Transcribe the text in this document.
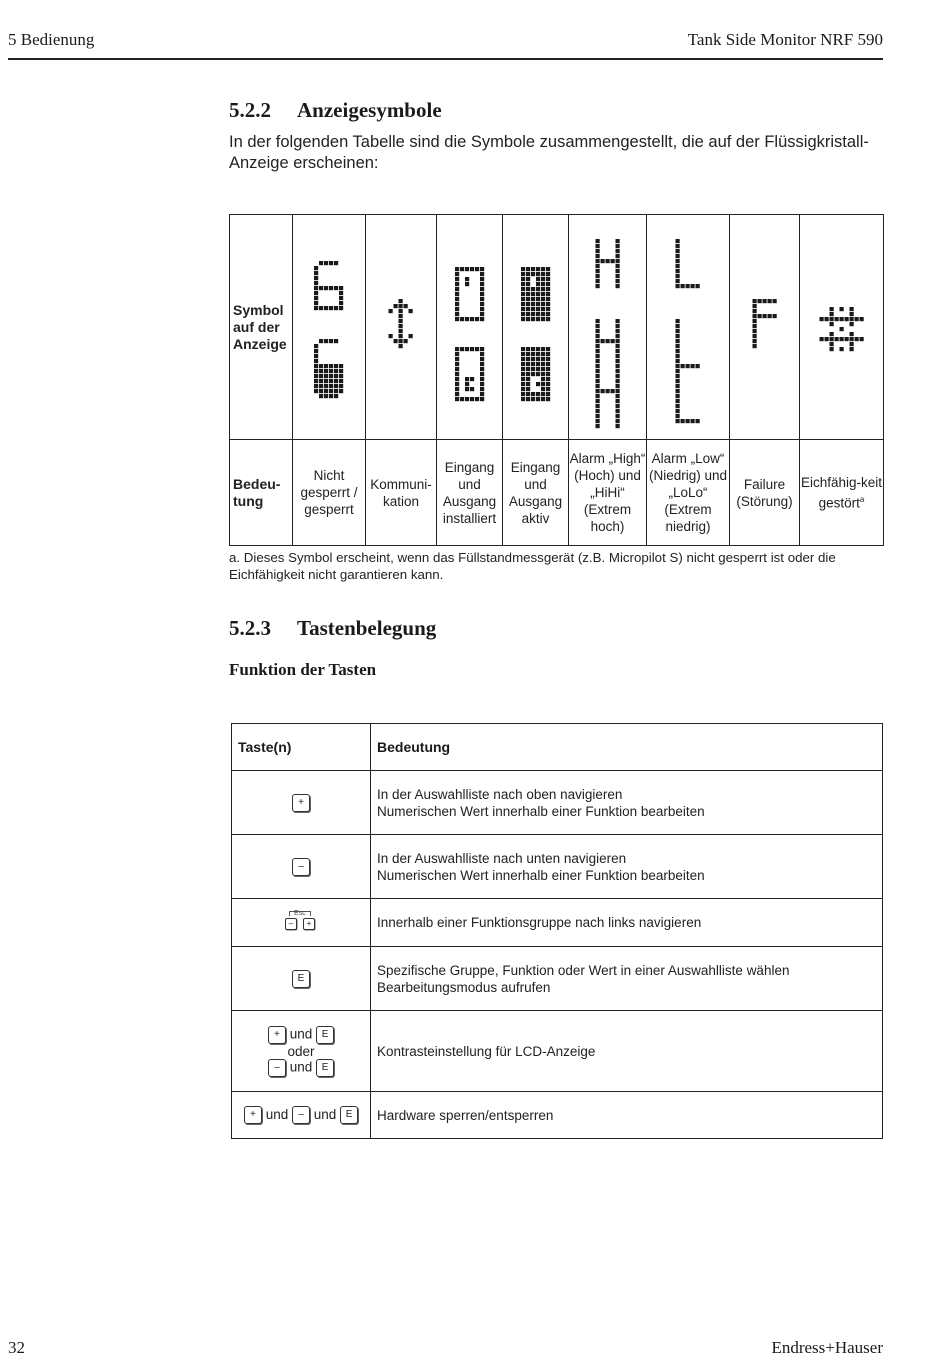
5 Bedienung	Tank Side Monitor NRF 590
5.2.2 Anzeigesymbole
In der folgenden Tabelle sind die Symbole zusammengestellt, die auf der Flüssigkristall-Anzeige erscheinen:
Symbol auf der Anzeige	

Bedeu-tung	Nicht gesperrt / gesperrt	Kommuni-kation	Eingang und Ausgang installiert	Eingang und Ausgang aktiv	Alarm „High“ (Hoch) und „HiHi“ (Extrem hoch)	Alarm „Low“ (Niedrig) und „LoLo“ (Extrem niedrig)	Failure (Störung)	Eichfähig-keit gestört$^a$
a. Dieses Symbol erscheint, wenn das Füllstandmessgerät (z.B. Micropilot S) nicht gesperrt ist oder die Eichfähigkeit nicht garantieren kann.
5.2.3 Tastenbelegung
Funktion der Tasten
Taste(n)	Bedeutung
+	In der Auswahlliste nach oben navigieren
Numerischen Wert innerhalb einer Funktion bearbeiten

–	In der Auswahlliste nach unten navigieren
Numerischen Wert innerhalb einer Funktion bearbeiten

Esc
– +	Innerhalb einer Funktionsgruppe nach links navigieren

E	Spezifische Gruppe, Funktion oder Wert in einer Auswahlliste wählen
Bearbeitungsmodus aufrufen

+ und E
oder
– und E	Kontrasteinstellung für LCD-Anzeige

+ und – und E	Hardware sperren/entsperren
32	Endress+Hauser
